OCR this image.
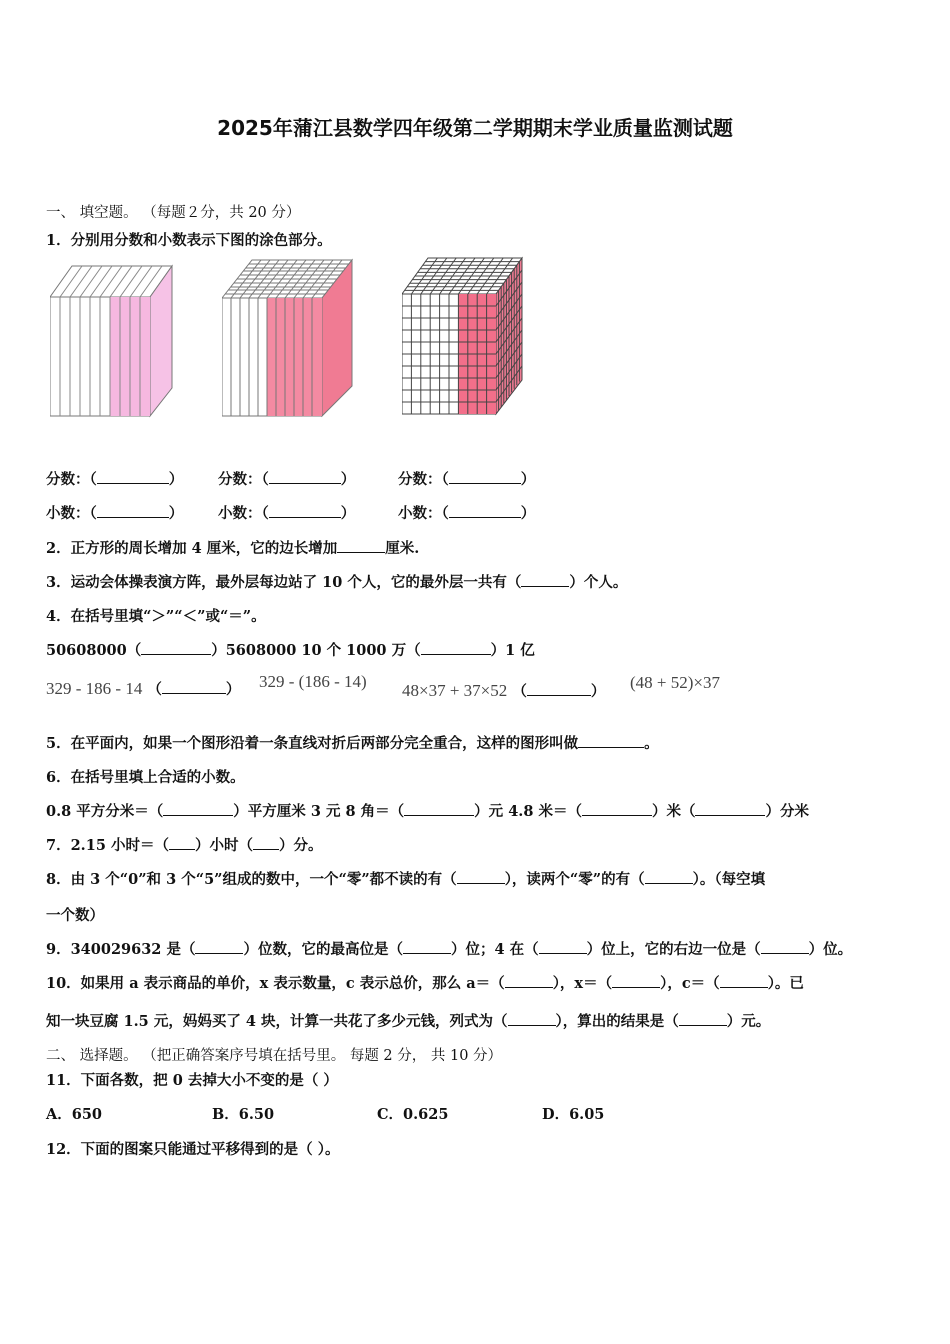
2025年蒲江县数学四年级第二学期期末学业质量监测试题
一、 填空题。 （每题２分，共 20 分）
1．分别用分数和小数表示下图的涂色部分。
分数：（	） 分数：（	）	分数：（	）
小数：（	） 小数：（	）	小数：（	）
2．正方形的周长增加 4 厘米，它的边长增加	厘米.
3．运动会体操表演方阵，最外层每边站了 10 个人，它的最外层一共有（	）个人。
4．在括号里填“＞”“＜”或“＝”。
50608000（	）5608000 10 个 1000 万（	）1 亿
329 - 186 - 14 （	） 329 - (186 - 14) 48×37 + 37×52 （	） (48 + 52)×37
5．在平面内，如果一个图形沿着一条直线对折后两部分完全重合，这样的图形叫做	。
6．在括号里填上合适的小数。
0.8 平方分米＝（	）平方厘米 3 元 8 角＝（	）元 4.8 米＝（	）米（	）分米
7．2.15 小时＝（ ）小时（ ）分。
8．由 3 个“0”和 3 个“5”组成的数中，一个“零”都不读的有（	），读两个“零”的有（	）。（每空填
一个数）
9．340029632 是（	）位数，它的最高位是（	）位；4 在（	）位上，它的右边一位是（	）位。
10．如果用 a 表示商品的单价，x 表示数量，c 表示总价，那么 a＝（	），x＝（	），c＝（	）。已
知一块豆腐 1.5 元，妈妈买了 4 块，计算一共花了多少元钱，列式为（	），算出的结果是（	）元。
二、 选择题。 （把正确答案序号填在括号里。 每题 2 分， 共 10 分）
11．下面各数，把 0 去掉大小不变的是（ ）
A．650	B．6.50	C．0.625	D．6.05
12．下面的图案只能通过平移得到的是（ ）。
